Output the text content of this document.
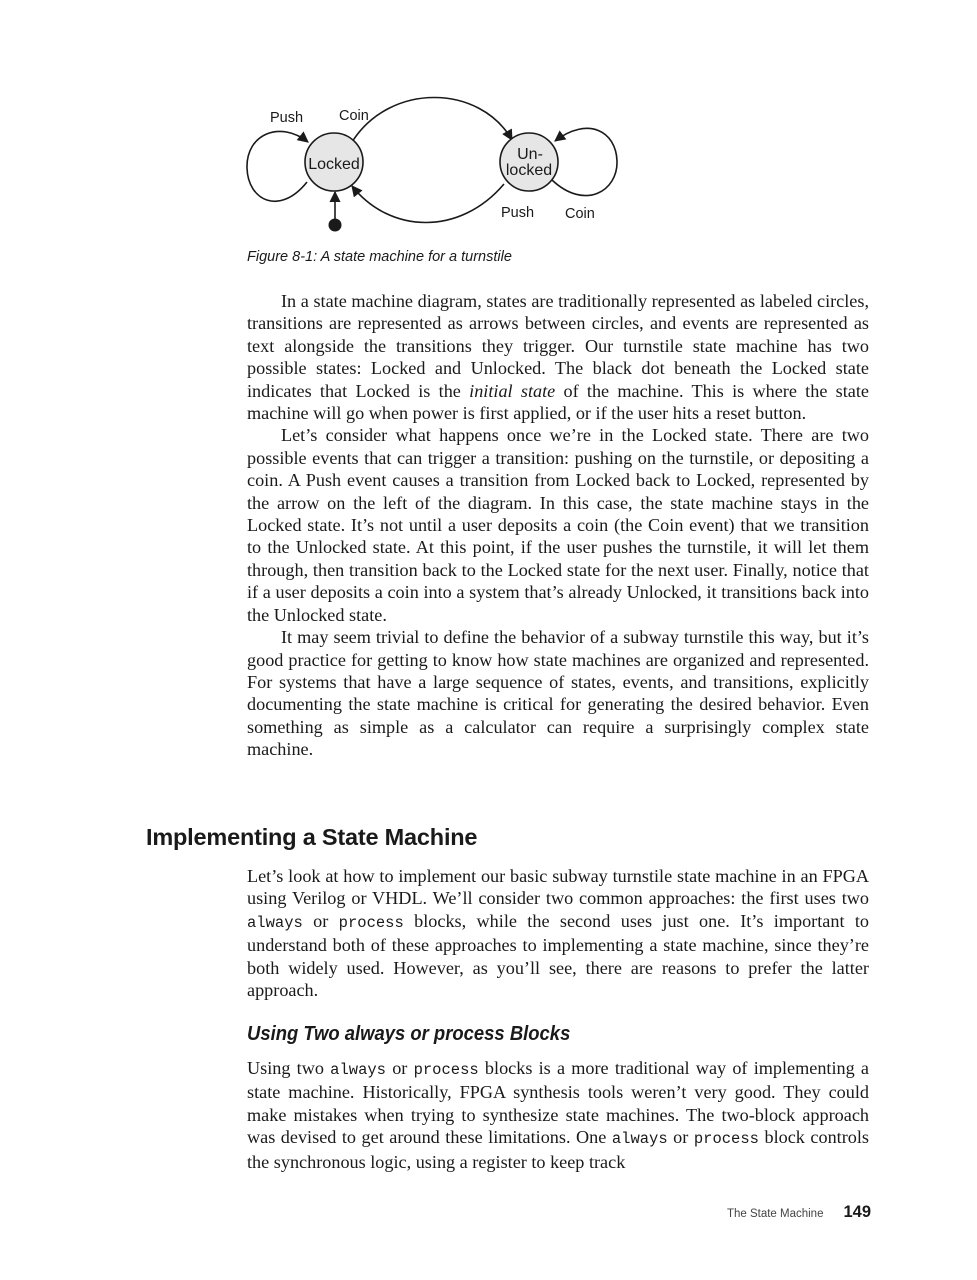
Locked
Un-
locked
Push Coin
Push Coin
Figure 8-1: A state machine for a turnstile

In a state machine diagram, states are traditionally represented as labeled circles, transitions are represented as arrows between circles, and events are represented as text alongside the transitions they trigger. Our turnstile state machine has two possible states: Locked and Unlocked. The black dot beneath the Locked state indicates that Locked is the initial state of the machine. This is where the state machine will go when power is first applied, or if the user hits a reset button.

Let’s consider what happens once we’re in the Locked state. There are two possible events that can trigger a transition: pushing on the turnstile, or depositing a coin. A Push event causes a transition from Locked back to Locked, represented by the arrow on the left of the diagram. In this case, the state machine stays in the Locked state. It’s not until a user deposits a coin (the Coin event) that we transition to the Unlocked state. At this point, if the user pushes the turnstile, it will let them through, then transition back to the Locked state for the next user. Finally, notice that if a user deposits a coin into a system that’s already Unlocked, it transitions back into the Unlocked state.

It may seem trivial to define the behavior of a subway turnstile this way, but it’s good practice for getting to know how state machines are organized and represented. For systems that have a large sequence of states, events, and transitions, explicitly documenting the state machine is critical for generating the desired behavior. Even something as simple as a calculator can require a surprisingly complex state machine.

Implementing a State Machine

Let’s look at how to implement our basic subway turnstile state machine in an FPGA using Verilog or VHDL. We’ll consider two common approaches: the first uses two always or process blocks, while the second uses just one. It’s important to understand both of these approaches to implementing a state machine, since they’re both widely used. However, as you’ll see, there are reasons to prefer the latter approach.

Using Two always or process Blocks

Using two always or process blocks is a more traditional way of implementing a state machine. Historically, FPGA synthesis tools weren’t very good. They could make mistakes when trying to synthesize state machines. The two-block approach was devised to get around these limitations. One always or process block controls the synchronous logic, using a register to keep track

The State Machine 149
